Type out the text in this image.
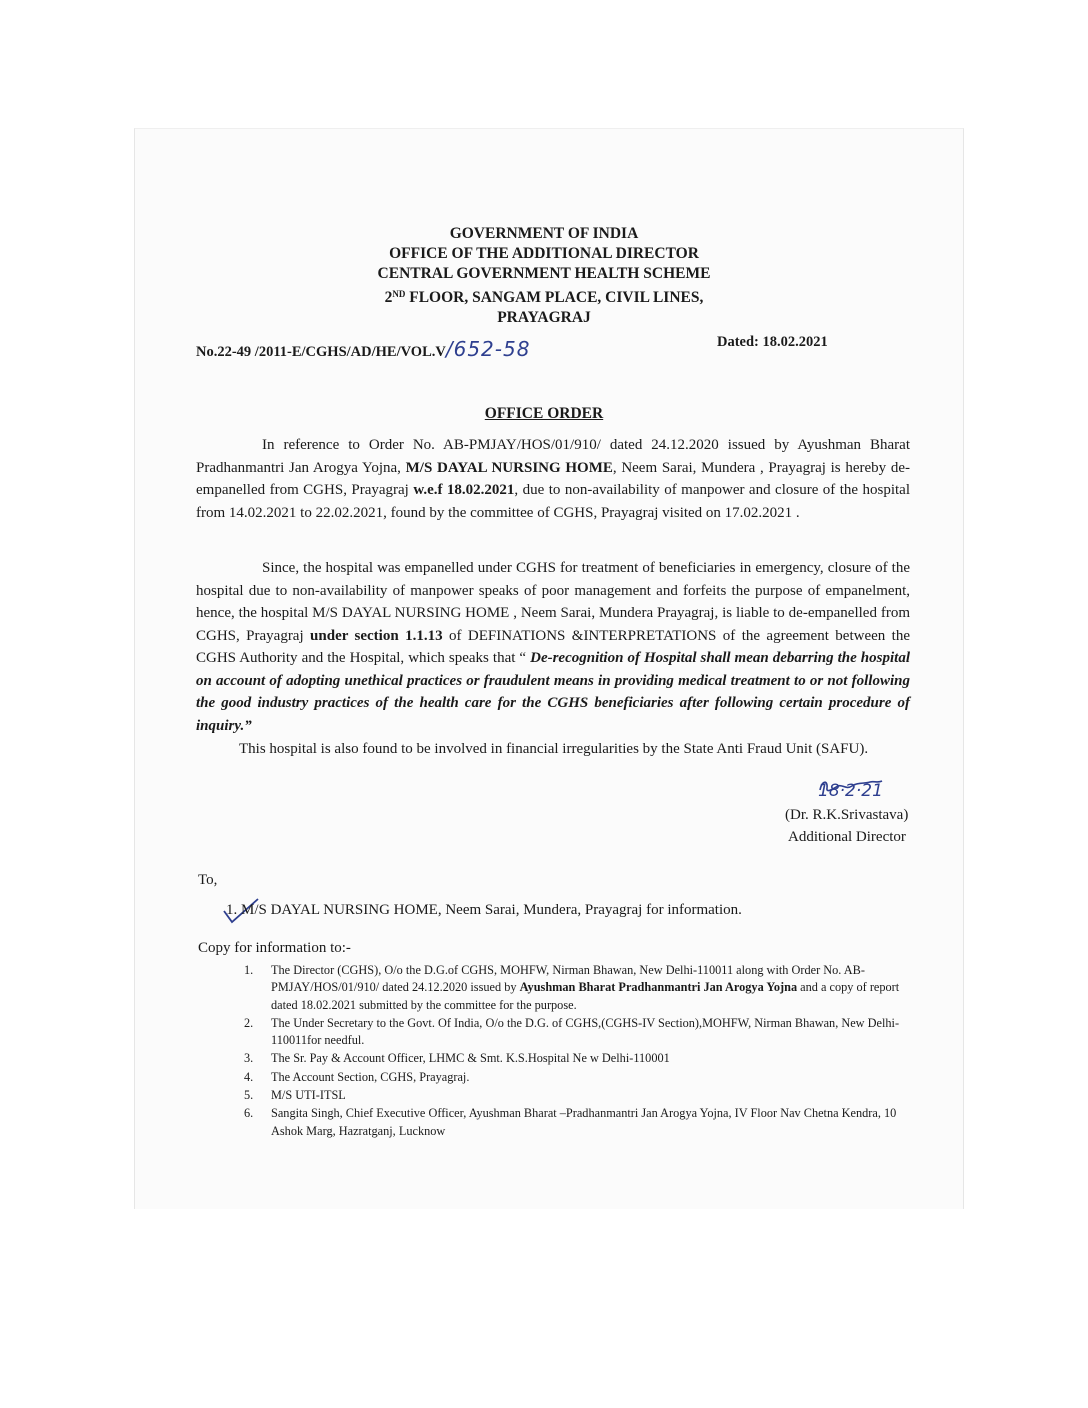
GOVERNMENT OF INDIA
OFFICE OF THE ADDITIONAL DIRECTOR
CENTRAL GOVERNMENT HEALTH SCHEME
2ND FLOOR, SANGAM PLACE, CIVIL LINES,
PRAYAGRAJ
No.22-49 /2011-E/CGHS/AD/HE/VOL.V/652-58	Dated: 18.02.2021
OFFICE ORDER
In reference to Order No. AB-PMJAY/HOS/01/910/ dated 24.12.2020 issued by Ayushman Bharat Pradhanmantri Jan Arogya Yojna, M/S DAYAL NURSING HOME, Neem Sarai, Mundera , Prayagraj is hereby de-empanelled from CGHS, Prayagraj w.e.f 18.02.2021, due to non-availability of manpower and closure of the hospital from 14.02.2021 to 22.02.2021, found by the committee of CGHS, Prayagraj visited on 17.02.2021 .
Since, the hospital was empanelled under CGHS for treatment of beneficiaries in emergency, closure of the hospital due to non-availability of manpower speaks of poor management and forfeits the purpose of empanelment, hence, the hospital M/S DAYAL NURSING HOME , Neem Sarai, Mundera Prayagraj, is liable to de-empanelled from CGHS, Prayagraj under section 1.1.13 of DEFINATIONS &INTERPRETATIONS of the agreement between the CGHS Authority and the Hospital, which speaks that “ De-recognition of Hospital shall mean debarring the hospital on account of adopting unethical practices or fraudulent means in providing medical treatment to or not following the good industry practices of the health care for the CGHS beneficiaries after following certain procedure of inquiry.”
This hospital is also found to be involved in financial irregularities by the State Anti Fraud Unit (SAFU).
18·2·21
(Dr. R.K.Srivastava)
Additional Director
To,
1. M/S DAYAL NURSING HOME, Neem Sarai, Mundera, Prayagraj for information.
Copy for information to:-
1. The Director (CGHS), O/o the D.G.of CGHS, MOHFW, Nirman Bhawan, New Delhi-110011 along with Order No. AB-PMJAY/HOS/01/910/ dated 24.12.2020 issued by Ayushman Bharat Pradhanmantri Jan Arogya Yojna and a copy of report dated 18.02.2021 submitted by the committee for the purpose.
2. The Under Secretary to the Govt. Of India, O/o the D.G. of CGHS,(CGHS-IV Section),MOHFW, Nirman Bhawan, New Delhi-110011for needful.
3. The Sr. Pay & Account Officer, LHMC & Smt. K.S.Hospital Ne w Delhi-110001
4. The Account Section, CGHS, Prayagraj.
5. M/S UTI-ITSL
6. Sangita Singh, Chief Executive Officer, Ayushman Bharat –Pradhanmantri Jan Arogya Yojna, IV Floor Nav Chetna Kendra, 10 Ashok Marg, Hazratganj, Lucknow
